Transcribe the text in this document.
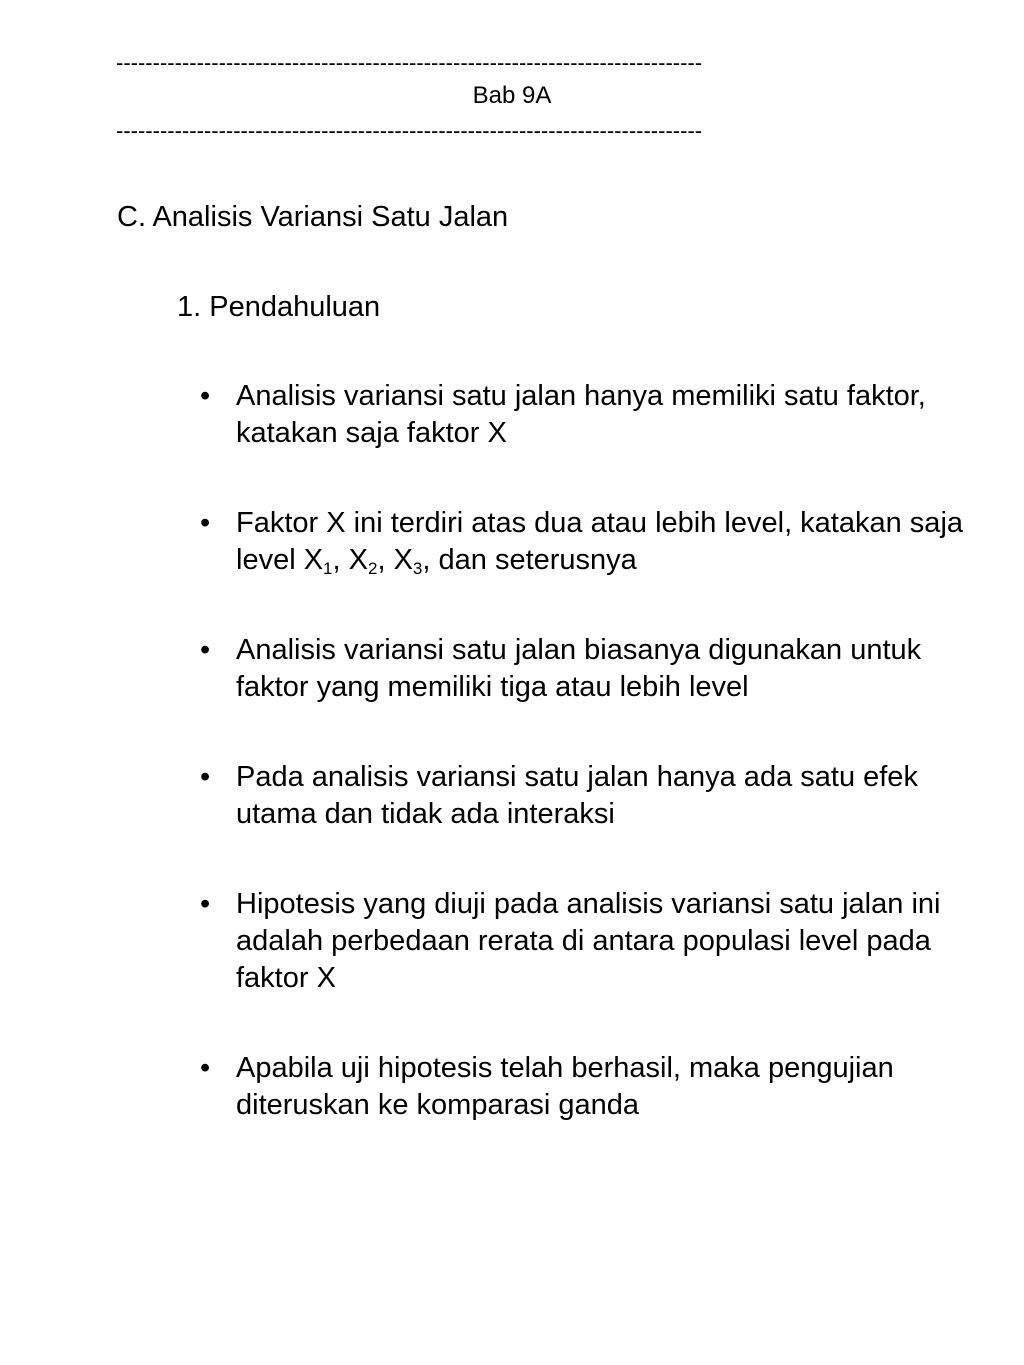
--------------------------------------------------------------------------------
Bab 9A
--------------------------------------------------------------------------------
C. Analisis Variansi Satu Jalan
1. Pendahuluan
• Analisis variansi satu jalan hanya memiliki satu faktor, katakan saja faktor X
• Faktor X ini terdiri atas dua atau lebih level, katakan saja level $X_1$, $X_2$, $X_3$, dan seterusnya
• Analisis variansi satu jalan biasanya digunakan untuk faktor yang memiliki tiga atau lebih level
• Pada analisis variansi satu jalan hanya ada satu efek utama dan tidak ada interaksi
• Hipotesis yang diuji pada analisis variansi satu jalan ini adalah perbedaan rerata di antara populasi level pada faktor X
• Apabila uji hipotesis telah berhasil, maka pengujian diteruskan ke komparasi ganda
